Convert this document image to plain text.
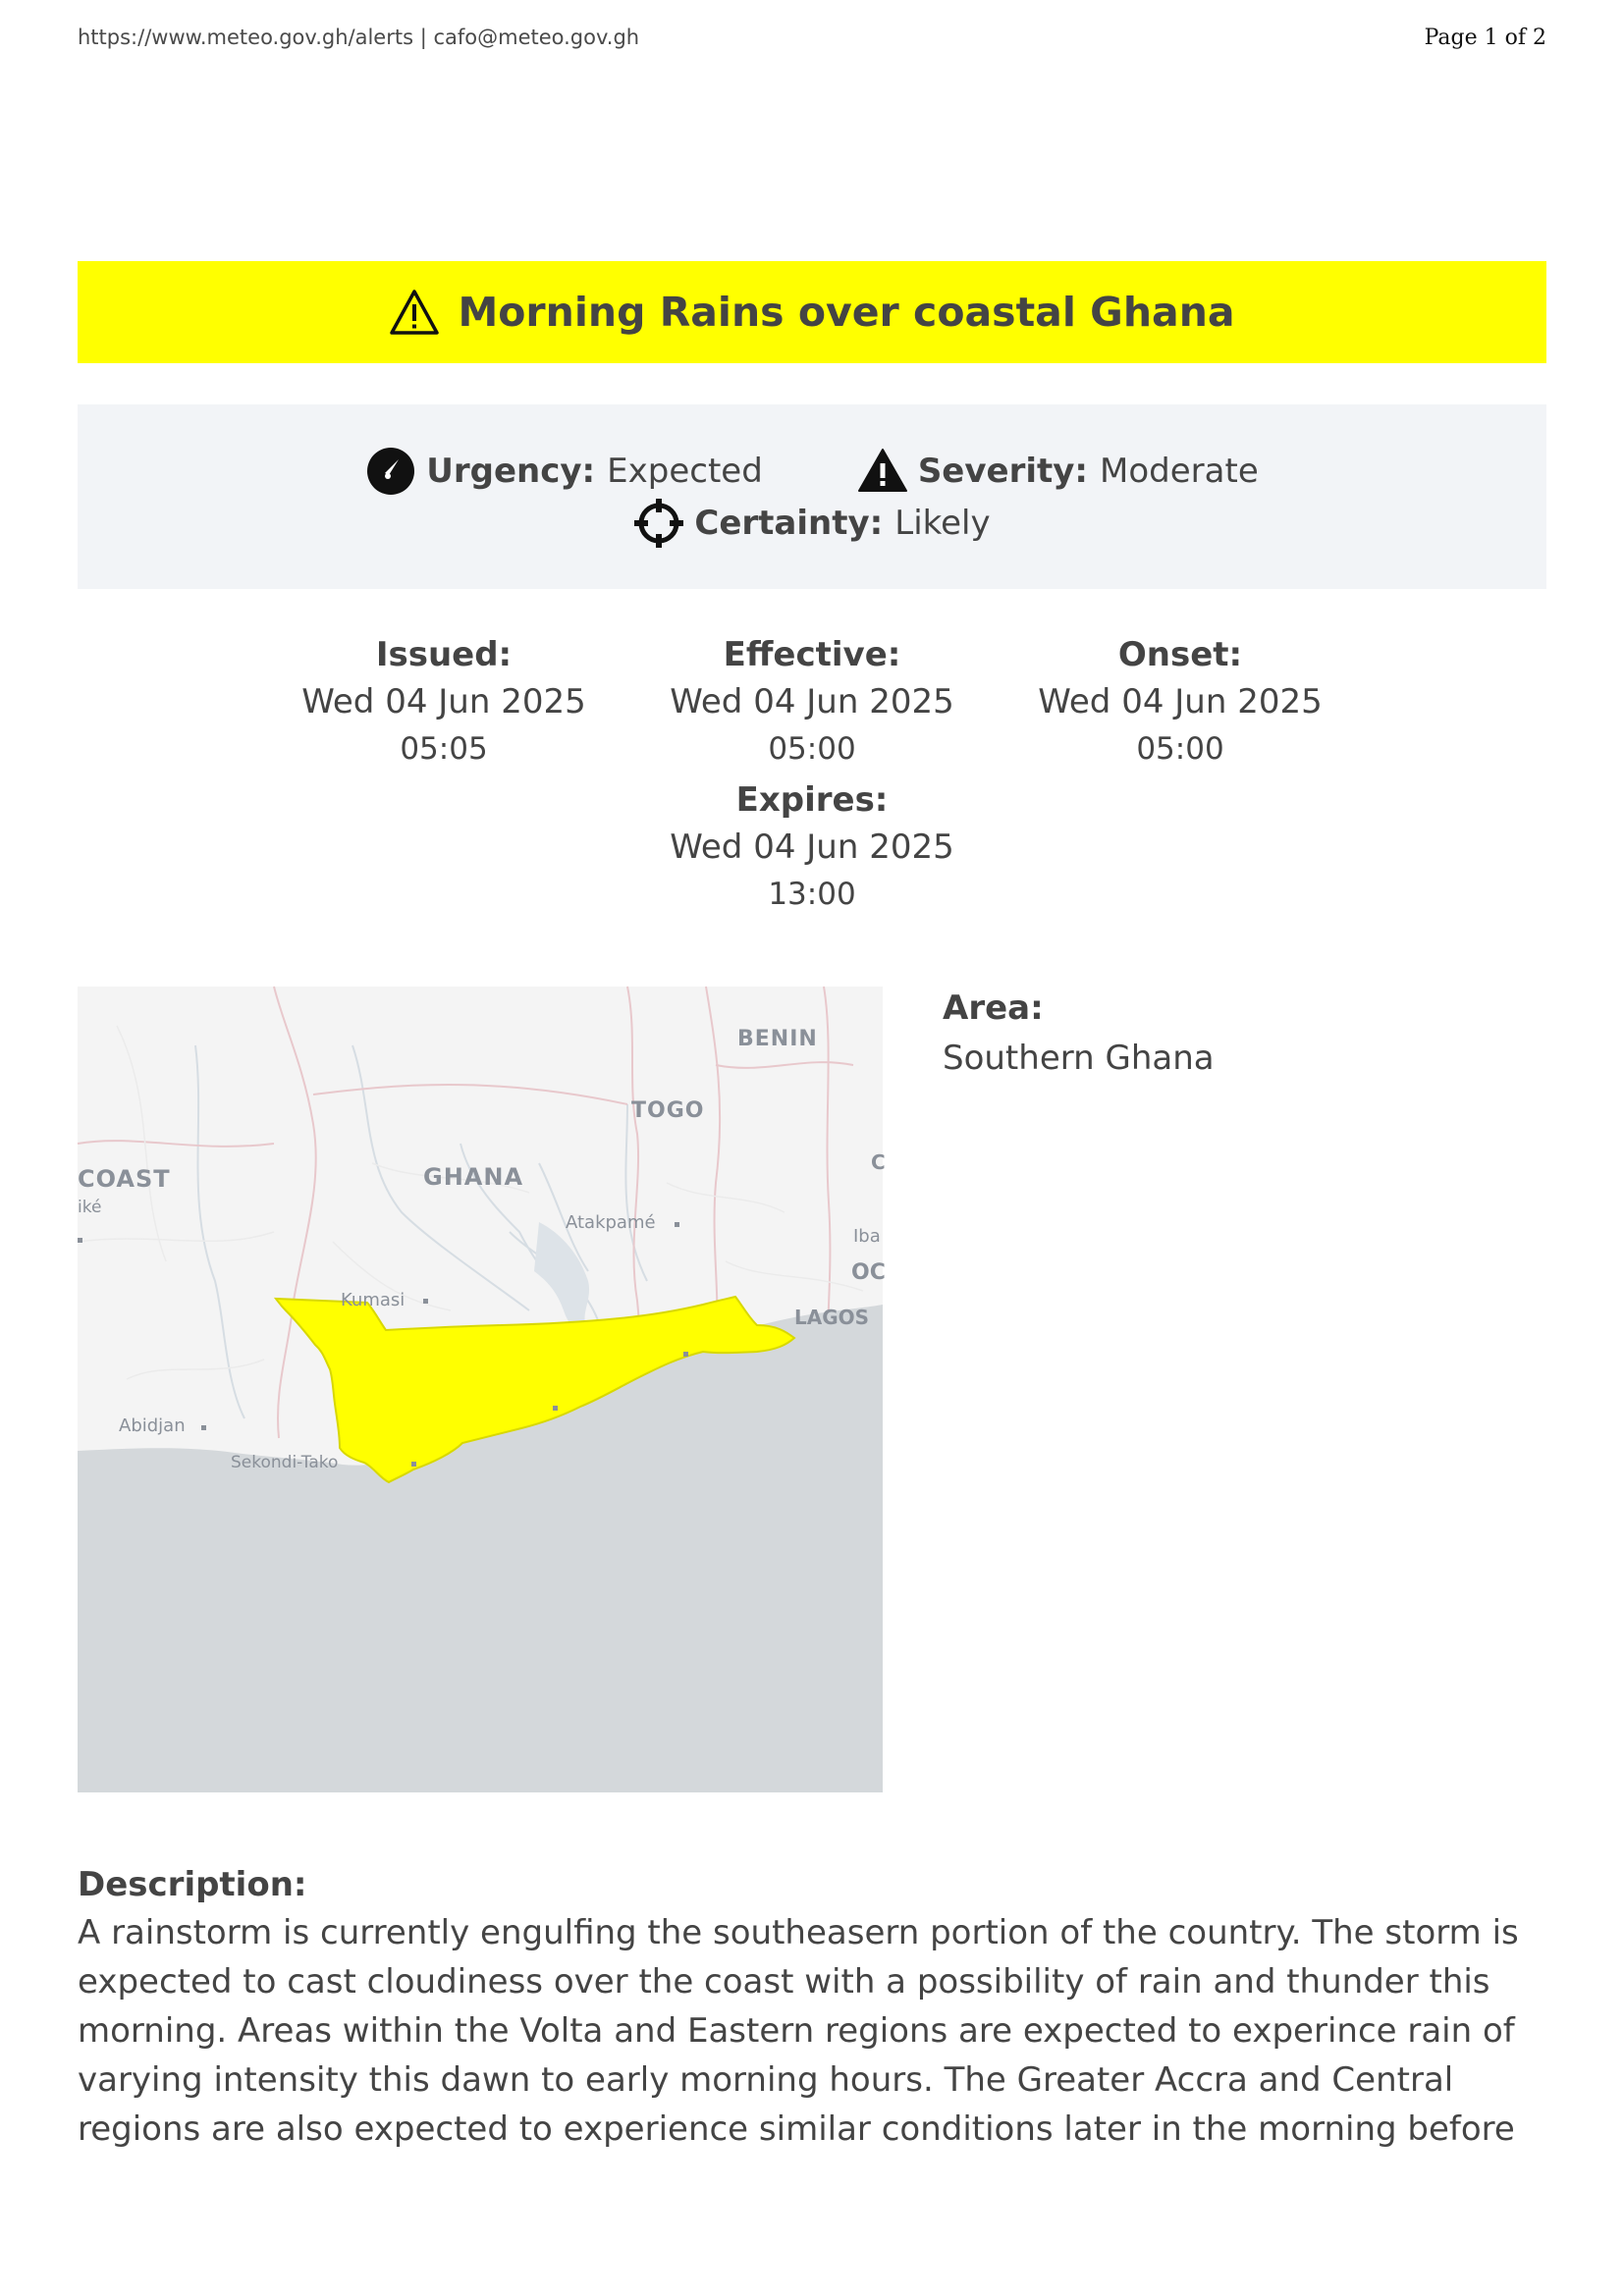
https://www.meteo.gov.gh/alerts | cafo@meteo.gov.gh	Page 1 of 2
Morning Rains over coastal Ghana
Urgency: Expected	Severity: Moderate
Certainty: Likely
Issued:
Wed 04 Jun 2025
05:05
Effective:
Wed 04 Jun 2025
05:00
Onset:
Wed 04 Jun 2025
05:00
Expires:
Wed 04 Jun 2025
13:00
BENIN
TOGO
GHANA
COAST
iké
Atakpamé
Kumasi
Iba
OC
LAGOS
C
Abidjan
Sekondi-Tako
Area:
Southern Ghana
Description:
A rainstorm is currently engulfing the southeasern portion of the country. The storm is
expected to cast cloudiness over the coast with a possibility of rain and thunder this
morning. Areas within the Volta and Eastern regions are expected to experince rain of
varying intensity this dawn to early morning hours. The Greater Accra and Central
regions are also expected to experience similar conditions later in the morning before
